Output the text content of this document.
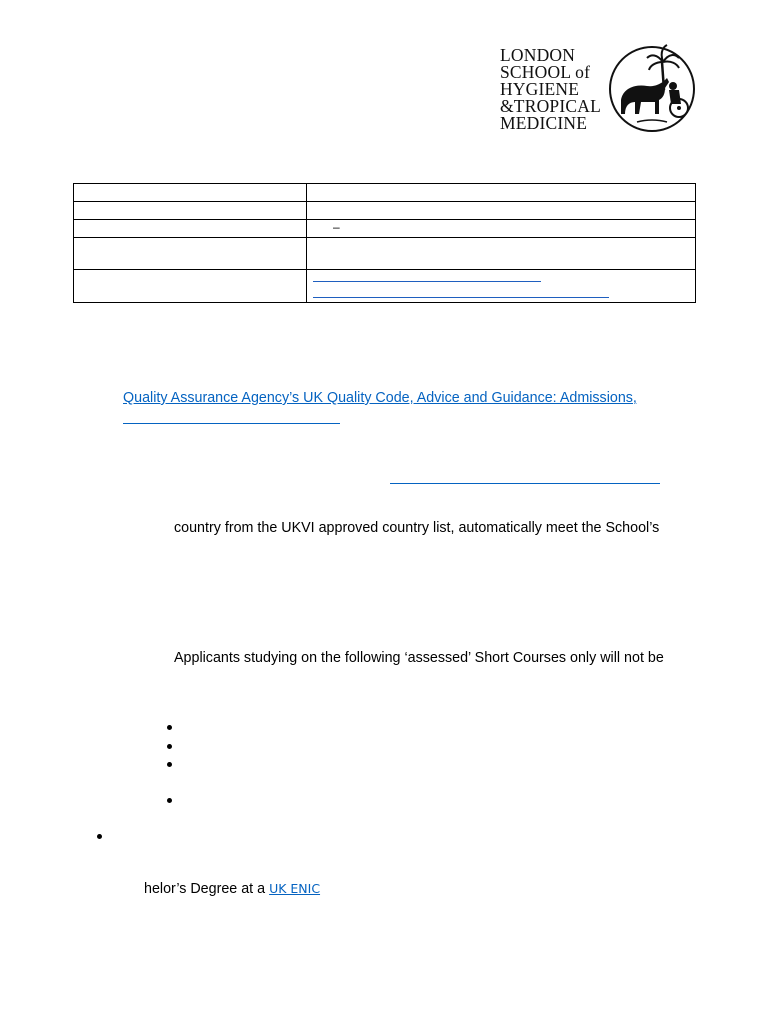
LONDON
SCHOOL of
HYGIENE
&TROPICAL
MEDICINE

	–

Quality Assurance Agency’s UK Quality Code, Advice and Guidance: Admissions,
country from the UKVI approved country list, automatically meet the School’s
Applicants studying on the following ‘assessed’ Short Courses only will not be
helor’s Degree at a UK ENIC
